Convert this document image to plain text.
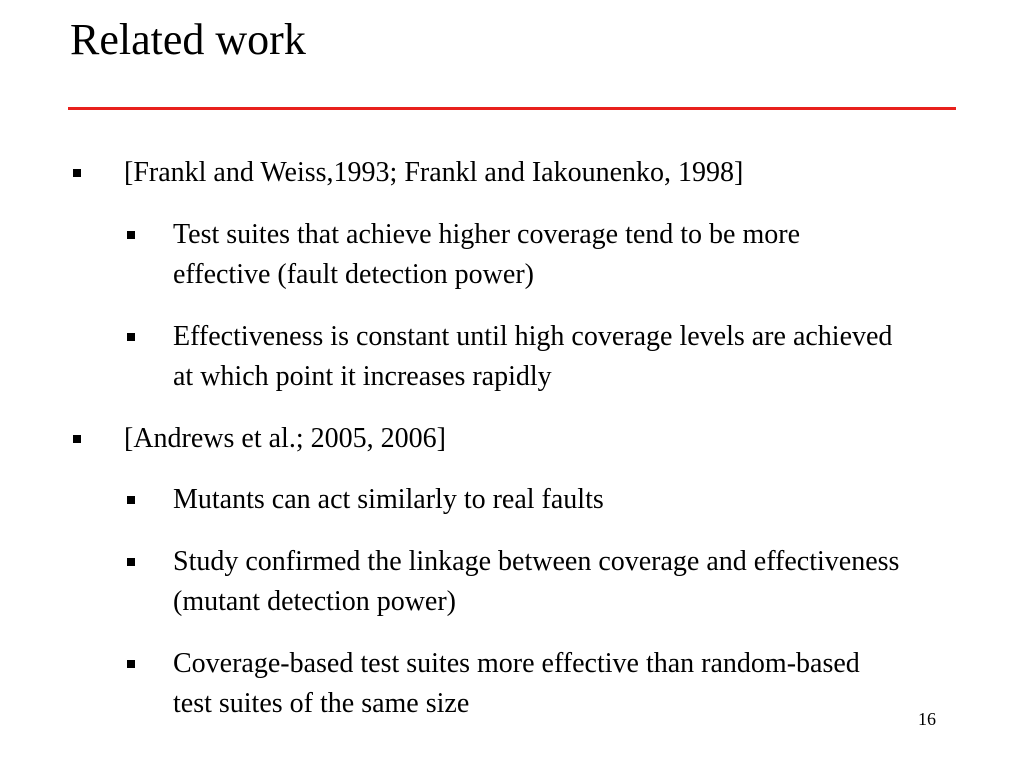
Related work
[Frankl and Weiss,1993; Frankl and Iakounenko, 1998]
Test suites that achieve higher coverage tend to be more effective (fault detection power)
Effectiveness is constant until high coverage levels are achieved at which point it increases rapidly
[Andrews et al.; 2005, 2006]
Mutants can act similarly to real faults
Study confirmed the linkage between coverage and effectiveness (mutant detection power)
Coverage-based test suites more effective than random-based test suites of the same size	16
